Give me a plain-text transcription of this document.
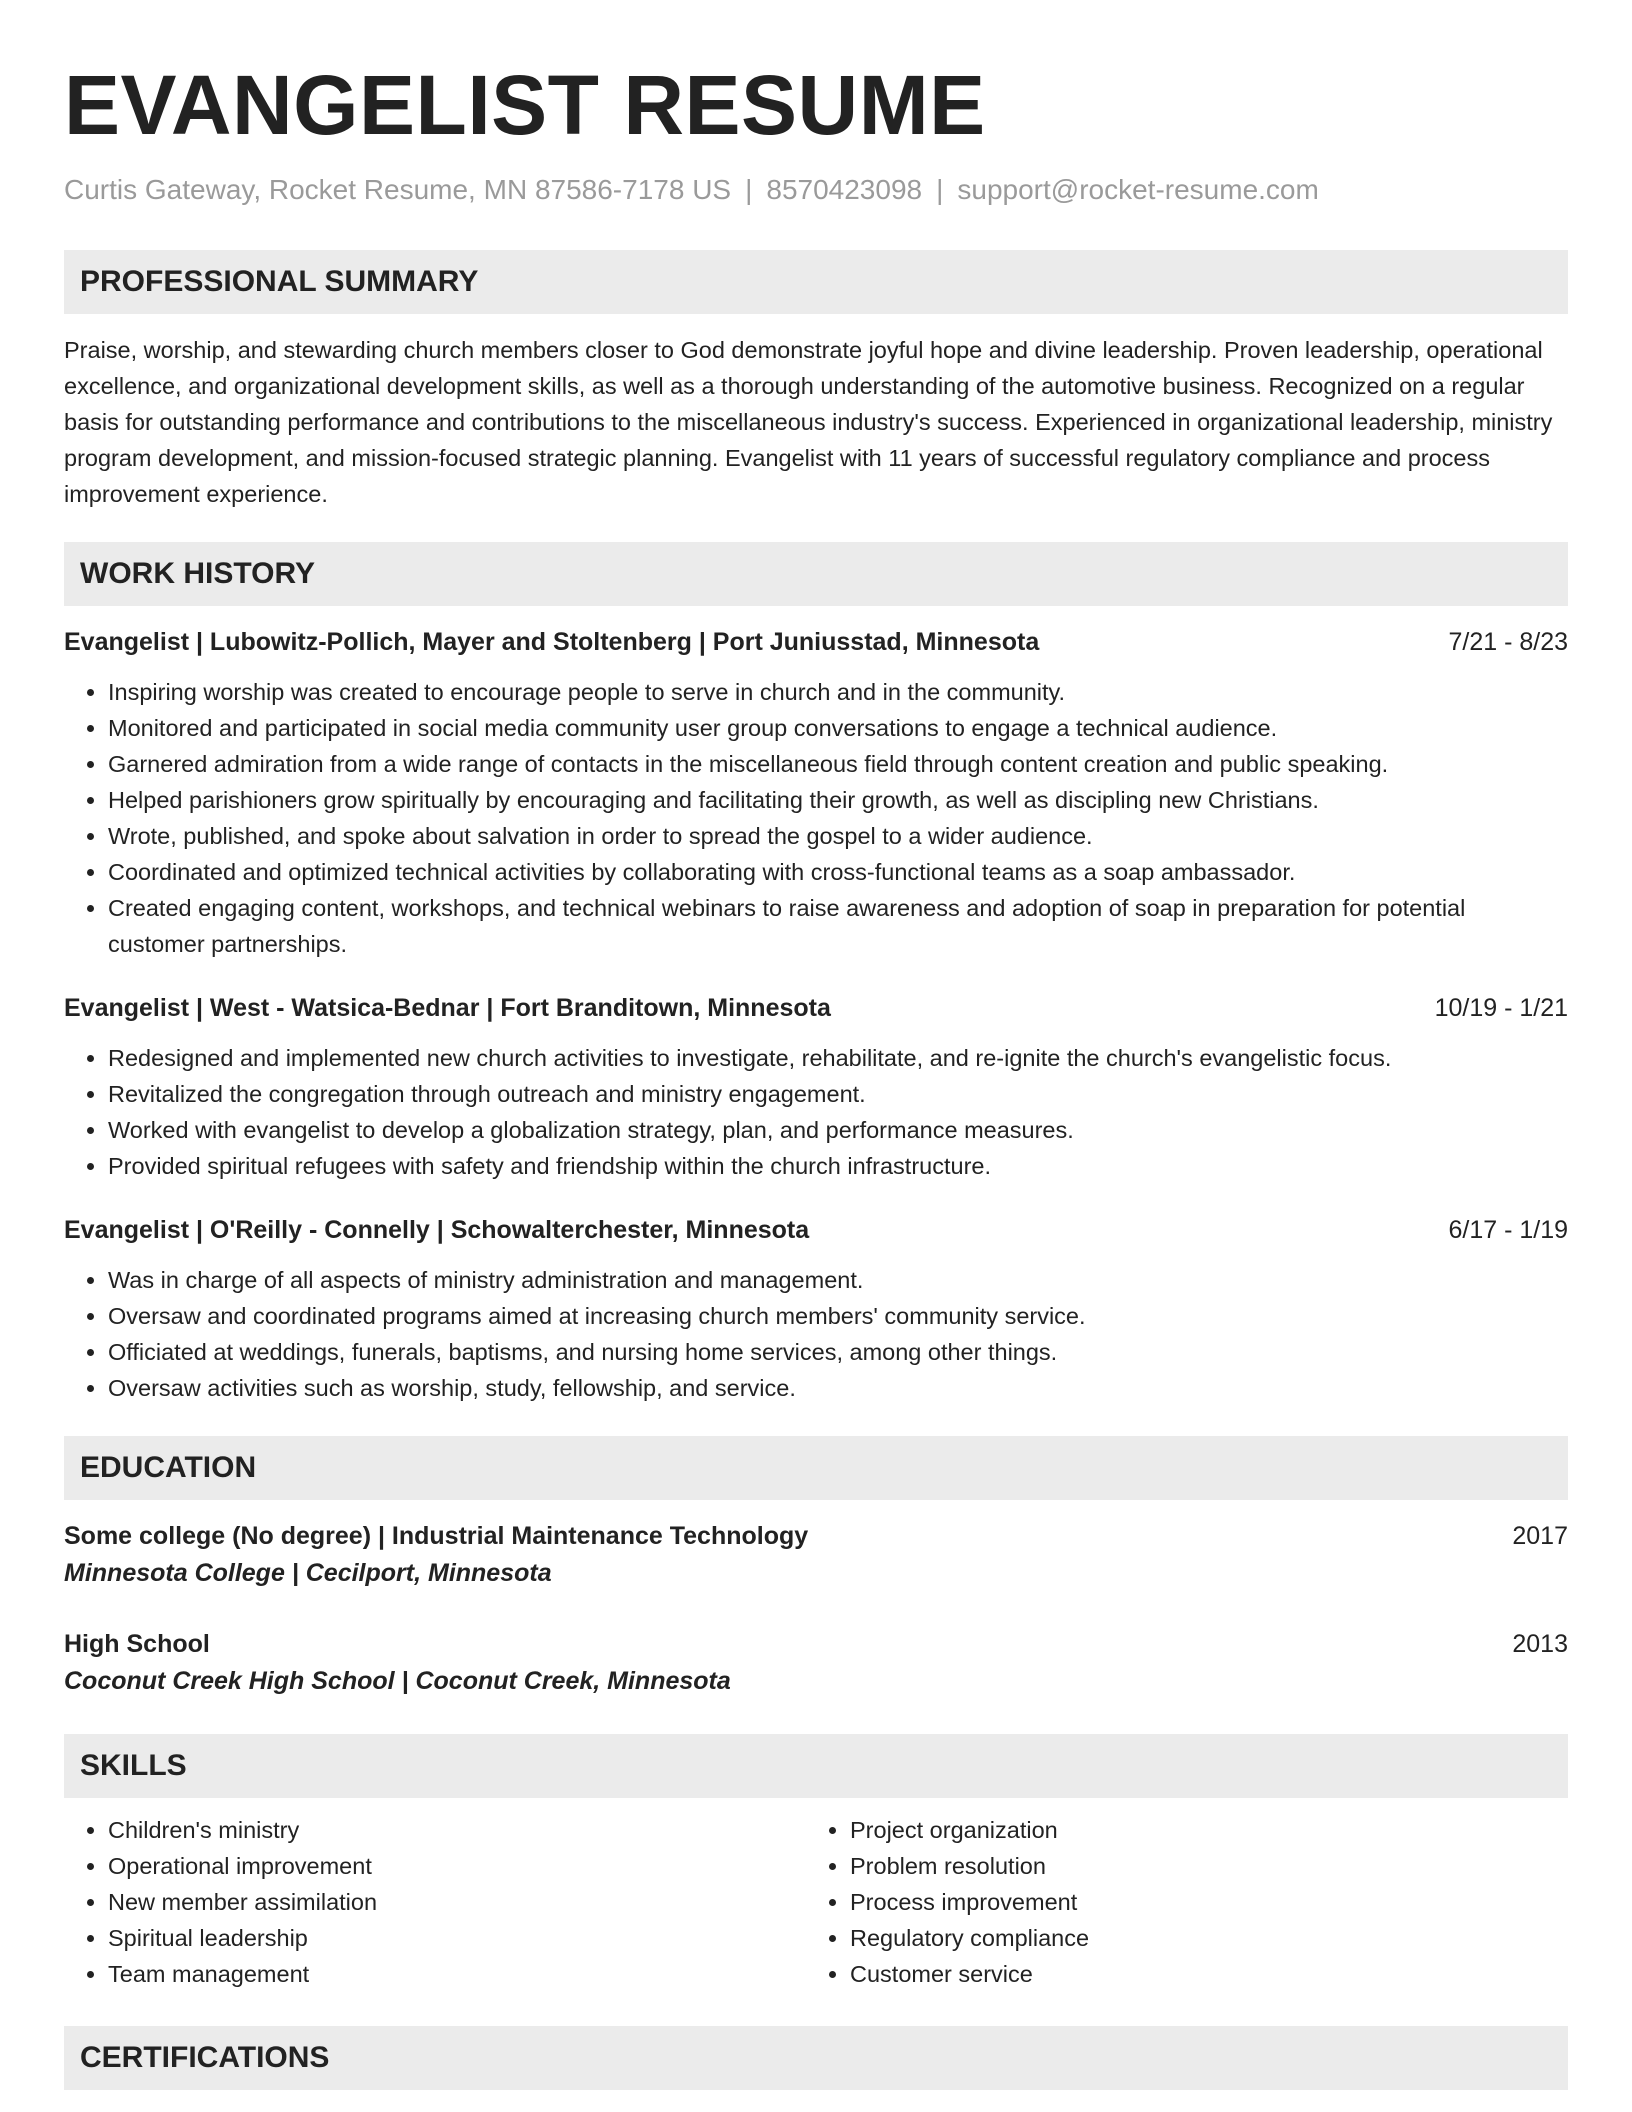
EVANGELIST RESUME
Curtis Gateway, Rocket Resume, MN 87586-7178 US | 8570423098 | support@rocket-resume.com
PROFESSIONAL SUMMARY

Praise, worship, and stewarding church members closer to God demonstrate joyful hope and divine leadership. Proven leadership, operational excellence, and organizational development skills, as well as a thorough understanding of the automotive business. Recognized on a regular basis for outstanding performance and contributions to the miscellaneous industry's success. Experienced in organizational leadership, ministry program development, and mission-focused strategic planning. Evangelist with 11 years of successful regulatory compliance and process improvement experience.

WORK HISTORY
Evangelist | Lubowitz-Pollich, Mayer and Stoltenberg | Port Juniusstad, Minnesota	7/21 - 8/23
• Inspiring worship was created to encourage people to serve in church and in the community.
• Monitored and participated in social media community user group conversations to engage a technical audience.
• Garnered admiration from a wide range of contacts in the miscellaneous field through content creation and public speaking.
• Helped parishioners grow spiritually by encouraging and facilitating their growth, as well as discipling new Christians.
• Wrote, published, and spoke about salvation in order to spread the gospel to a wider audience.
• Coordinated and optimized technical activities by collaborating with cross-functional teams as a soap ambassador.
• Created engaging content, workshops, and technical webinars to raise awareness and adoption of soap in preparation for potential customer partnerships.
Evangelist | West - Watsica-Bednar | Fort Branditown, Minnesota	10/19 - 1/21
• Redesigned and implemented new church activities to investigate, rehabilitate, and re-ignite the church's evangelistic focus.
• Revitalized the congregation through outreach and ministry engagement.
• Worked with evangelist to develop a globalization strategy, plan, and performance measures.
• Provided spiritual refugees with safety and friendship within the church infrastructure.
Evangelist | O'Reilly - Connelly | Schowalterchester, Minnesota	6/17 - 1/19
• Was in charge of all aspects of ministry administration and management.
• Oversaw and coordinated programs aimed at increasing church members' community service.
• Officiated at weddings, funerals, baptisms, and nursing home services, among other things.
• Oversaw activities such as worship, study, fellowship, and service.
EDUCATION
Some college (No degree) | Industrial Maintenance Technology	2017
Minnesota College | Cecilport, Minnesota
High School	2013
Coconut Creek High School | Coconut Creek, Minnesota
SKILLS
• Children's ministry
• Operational improvement
• New member assimilation
• Spiritual leadership
• Team management
• Project organization
• Problem resolution
• Process improvement
• Regulatory compliance
• Customer service
CERTIFICATIONS
